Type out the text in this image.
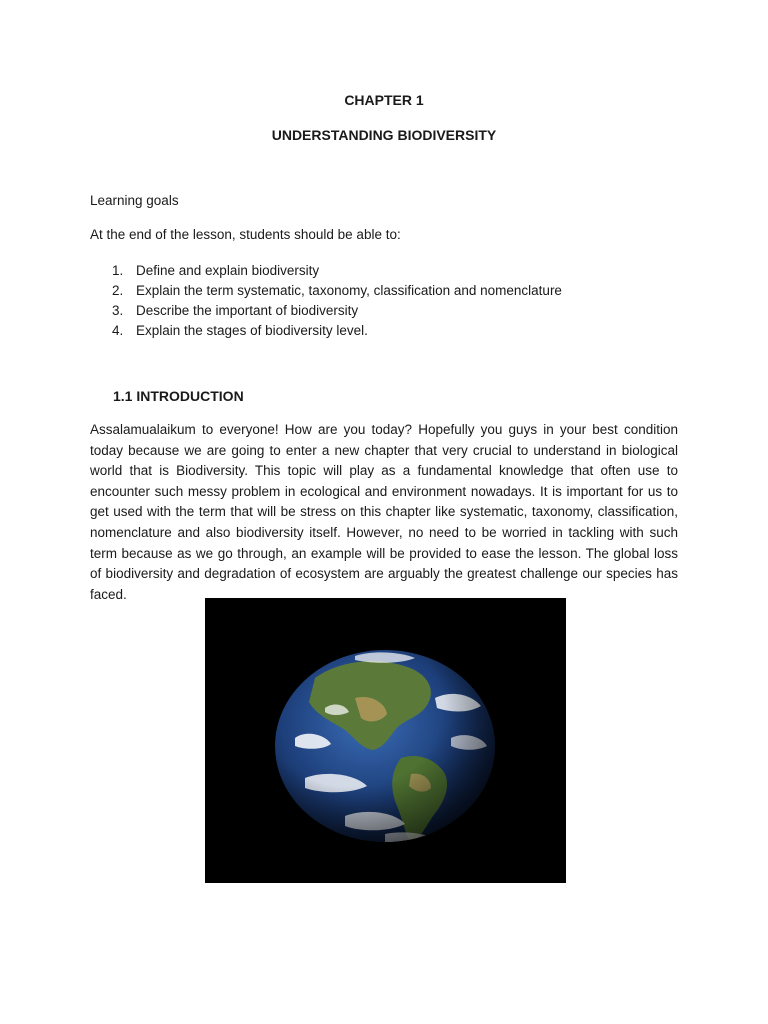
CHAPTER 1
UNDERSTANDING BIODIVERSITY
Learning goals
At the end of the lesson, students should be able to:
1. Define and explain biodiversity
2. Explain the term systematic, taxonomy, classification and nomenclature
3. Describe the important of biodiversity
4. Explain the stages of biodiversity level.
1.1 INTRODUCTION

Assalamualaikum to everyone! How are you today? Hopefully you guys in your best condition today because we are going to enter a new chapter that very crucial to understand in biological world that is Biodiversity. This topic will play as a fundamental knowledge that often use to encounter such messy problem in ecological and environment nowadays. It is important for us to get used with the term that will be stress on this chapter like systematic, taxonomy, classification, nomenclature and also biodiversity itself. However, no need to be worried in tackling with such term because as we go through, an example will be provided to ease the lesson. The global loss of biodiversity and degradation of ecosystem are arguably the greatest challenge our species has faced.
